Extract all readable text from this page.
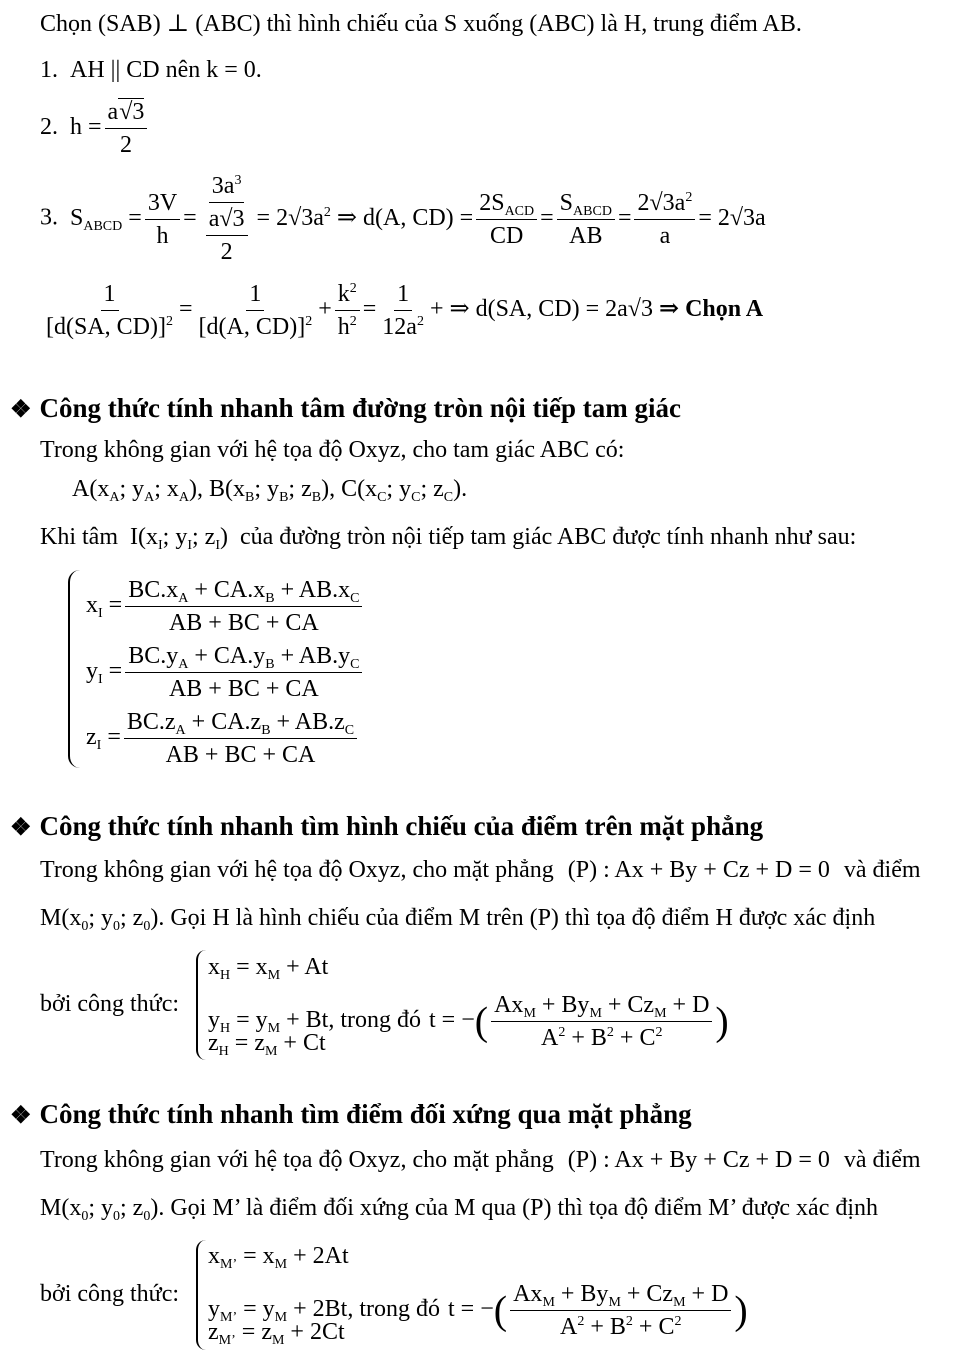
Chọn (SAB) ⊥ (ABC) thì hình chiếu của S xuống (ABC) là H, trung điểm AB.
1. AH || CD nên k = 0.
2. $h = \frac{a√3}{2}$
3. $S_{ABCD} = \frac{3V}{h} = \frac{3a^3}{\frac{a√3}{2}} = 2√3a^2$ ⇒ d(A, $CD) = \frac{2S_{ACD}}{CD} = \frac{S_{ABCD}}{AB} = \frac{2√3a^2}{a} = 2√3a$
$\frac{1}{[d(SA, CD)]^2} = \frac{1}{[d(A, CD)]^2} + \frac{k^2}{h^2} = \frac{1}{12a^2}$ + ⇒ d(SA, CD) = 2a√3 ⇒ Chọn A
❖ Công thức tính nhanh tâm đường tròn nội tiếp tam giác
Trong không gian với hệ tọa độ Oxyz, cho tam giác ABC có:
$A(x_A$; $y_A$; $x_A$), $B(x_B$; $y_B$; $z_B$), $C(x_C$; $y_C$; $z_C$).
Khi tâm $I(x_I$; $y_I$; $z_I$) của đường tròn nội tiếp tam giác ABC được tính nhanh như sau:
$x_I = \frac{BC.x_A + CA.x_B + AB.x_C}{AB + BC + CA}$
$y_I = \frac{BC.y_A + CA.y_B + AB.y_C}{AB + BC + CA}$
$z_I = \frac{BC.z_A + CA.z_B + AB.z_C}{AB + BC + CA}$
❖ Công thức tính nhanh tìm hình chiếu của điểm trên mặt phẳng
Trong không gian với hệ tọa độ Oxyz, cho mặt phẳng (P) : Ax + By + Cz + D = 0 và điểm
$M(x_0$; $y_0$; $z_0$). Gọi H là hình chiếu của điểm M trên (P) thì tọa độ điểm H được xác định
bởi công thức:
$x_H = x_M + At$
$y_H = y_M + Bt$, trong đó t = −( $\frac{Ax_M + By_M + Cz_M + D}{A^2 + B^2 + C^2}$ )
$z_H = z_M + Ct$
❖ Công thức tính nhanh tìm điểm đối xứng qua mặt phẳng
Trong không gian với hệ tọa độ Oxyz, cho mặt phẳng (P) : Ax + By + Cz + D = 0 và điểm
$M(x_0$; $y_0$; $z_0$). Gọi M’ là điểm đối xứng của M qua (P) thì tọa độ điểm M’ được xác định
bởi công thức:
$x_{M’} = x_M + 2At$
$y_{M’} = y_M + 2Bt$, trong đó t = −( $\frac{Ax_M + By_M + Cz_M + D}{A^2 + B^2 + C^2}$ )
$z_{M’} = z_M + 2Ct$
